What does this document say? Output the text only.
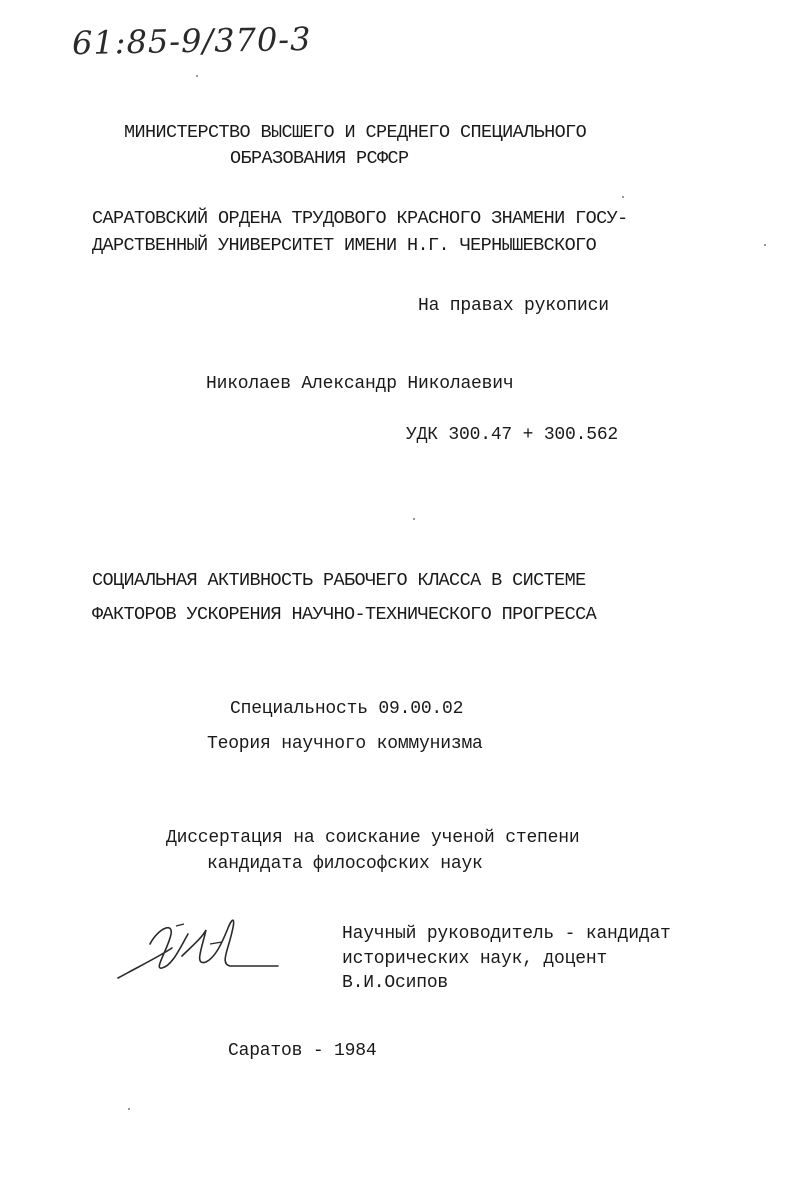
61:85-9/370-3
МИНИСТЕРСТВО ВЫСШЕГО И СРЕДНЕГО СПЕЦИАЛЬНОГО
ОБРАЗОВАНИЯ РСФСР
САРАТОВСКИЙ ОРДЕНА ТРУДОВОГО КРАСНОГО ЗНАМЕНИ ГОСУ-
ДАРСТВЕННЫЙ УНИВЕРСИТЕТ ИМЕНИ Н.Г. ЧЕРНЫШЕВСКОГО
На правах рукописи
Николаев Александр Николаевич
УДК 300.47 + 300.562
СОЦИАЛЬНАЯ АКТИВНОСТЬ РАБОЧЕГО КЛАССА В СИСТЕМЕ
ФАКТОРОВ УСКОРЕНИЯ НАУЧНО-ТЕХНИЧЕСКОГО ПРОГРЕССА
Специальность 09.00.02
Теория научного коммунизма
Диссертация на соискание ученой степени
кандидата философских наук
Научный руководитель - кандидат
исторических наук, доцент
В.И.Осипов
Саратов - 1984
